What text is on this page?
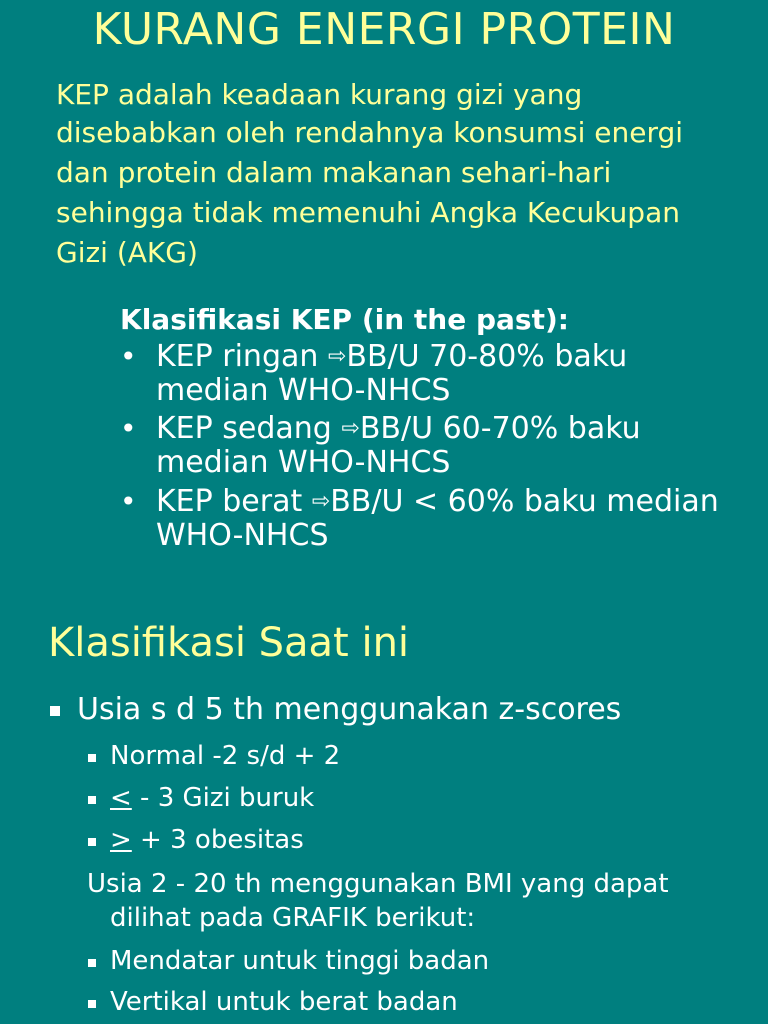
KURANG ENERGI PROTEIN
KEP adalah keadaan kurang gizi yang
disebabkan oleh rendahnya konsumsi energi
dan protein dalam makanan sehari-hari
sehingga tidak memenuhi Angka Kecukupan
Gizi (AKG)
Klasifikasi KEP (in the past):
• KEP ringan ⇨BB/U 70-80% baku
median WHO-NHCS
• KEP sedang ⇨BB/U 60-70% baku
median WHO-NHCS
• KEP berat ⇨BB/U < 60% baku median
WHO-NHCS
Klasifikasi Saat ini
Usia s d 5 th menggunakan z-scores
Normal -2 s/d + 2
< - 3 Gizi buruk
> + 3 obesitas
Usia 2 - 20 th menggunakan BMI yang dapat
dilihat pada GRAFIK berikut:
Mendatar untuk tinggi badan
Vertikal untuk berat badan
